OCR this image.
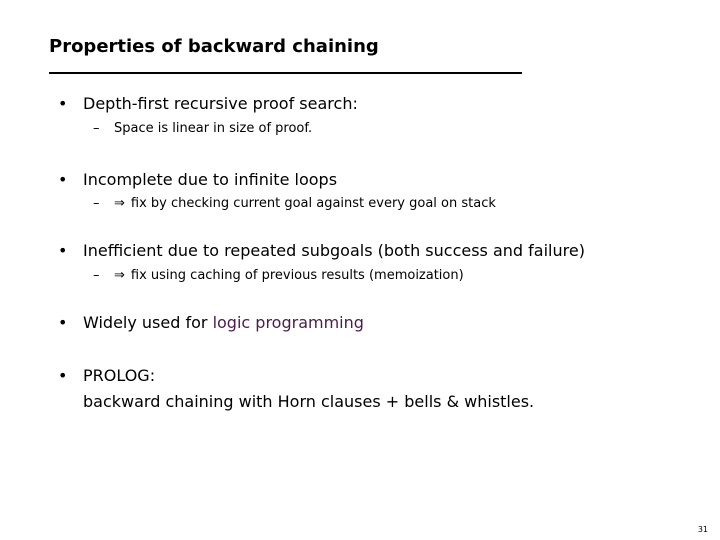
Properties of backward chaining
• Depth-first recursive proof search:
– Space is linear in size of proof.
• Incomplete due to infinite loops
– ⇒ fix by checking current goal against every goal on stack
• Inefficient due to repeated subgoals (both success and failure)
– ⇒ fix using caching of previous results (memoization)
• Widely used for logic programming
• PROLOG:
backward chaining with Horn clauses + bells & whistles.
31
